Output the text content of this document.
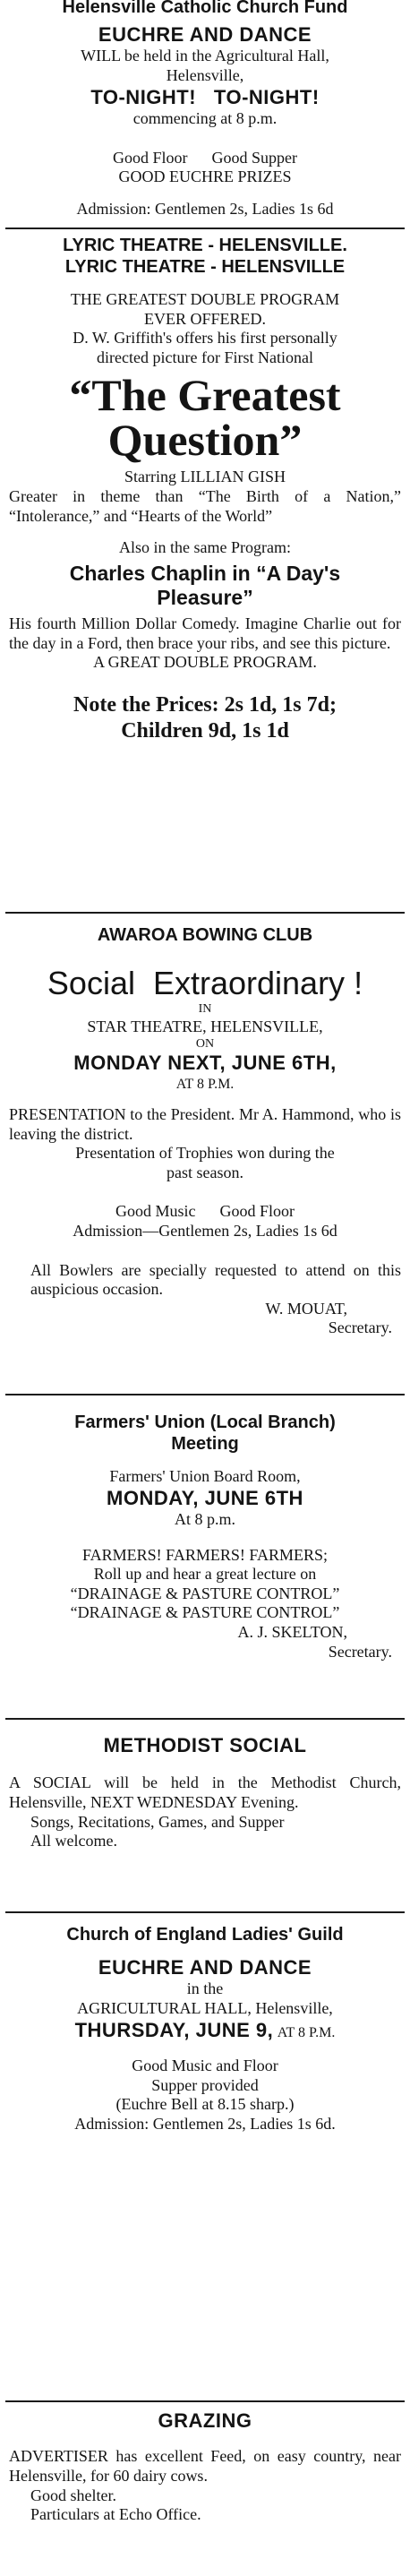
Helensville Catholic Church Fund
EUCHRE AND DANCE
WILL be held in the Agricultural Hall,
Helensville,
TO-NIGHT!   TO-NIGHT!
commencing at 8 p.m.
Good Floor      Good Supper
GOOD EUCHRE PRIZES
Admission: Gentlemen 2s, Ladies 1s 6d
LYRIC THEATRE - HELENSVILLE.
LYRIC THEATRE - HELENSVILLE
THE GREATEST DOUBLE PROGRAM
EVER OFFERED.
D. W. Griffith's offers his first personally
directed picture for First National
“The Greatest
Question”
Starring LILLIAN GISH
Greater in theme than “The Birth of a Nation,” “Intolerance,” and “Hearts of the World”
Also in the same Program:
Charles Chaplin in “A Day's
Pleasure”
His fourth Million Dollar Comedy. Imagine Charlie out for the day in a Ford, then brace your ribs, and see this picture.
A GREAT DOUBLE PROGRAM.
Note the Prices: 2s 1d, 1s 7d;
Children 9d, 1s 1d
AWAROA BOWING CLUB
Social  Extraordinary !
IN
STAR THEATRE, HELENSVILLE,
ON
MONDAY NEXT, JUNE 6TH,
AT 8 P.M.
PRESENTATION to the President. Mr A. Hammond, who is leaving the district.
Presentation of Trophies won during the
past season.
Good Music      Good Floor
Admission—Gentlemen 2s, Ladies 1s 6d
All Bowlers are specially requested to attend on this auspicious occasion.
W. MOUAT,
Secretary.
Farmers' Union (Local Branch)
Meeting
Farmers' Union Board Room,
MONDAY, JUNE 6TH
At 8 p.m.
FARMERS! FARMERS! FARMERS;
Roll up and hear a great lecture on
“DRAINAGE & PASTURE CONTROL”
“DRAINAGE & PASTURE CONTROL”
A. J. SKELTON,
Secretary.
METHODIST SOCIAL
A SOCIAL will be held in the Methodist Church, Helensville, NEXT WEDNESDAY Evening.
Songs, Recitations, Games, and Supper
All welcome.
Church of England Ladies' Guild
EUCHRE AND DANCE
in the
AGRICULTURAL HALL, Helensville,
THURSDAY, JUNE 9, AT 8 P.M.
Good Music and Floor
Supper provided
(Euchre Bell at 8.15 sharp.)
Admission: Gentlemen 2s, Ladies 1s 6d.
GRAZING
ADVERTISER has excellent Feed, on easy country, near Helensville, for 60 dairy cows.
Good shelter.
Particulars at Echo Office.
